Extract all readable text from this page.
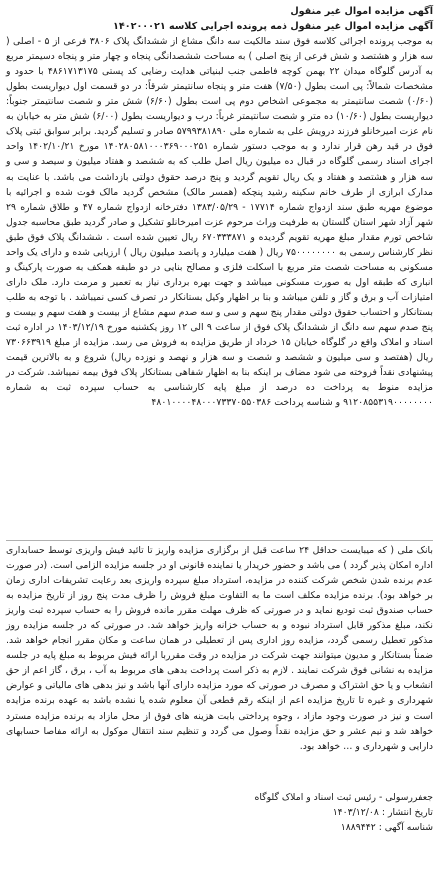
آگهی مزایده اموال غیر منقول

آگهی مزایده اموال غیر منقول ذمه پرونده اجرایی کلاسه ۱۴۰۲۰۰۰۲۱

به موجب پرونده اجرائی کلاسه فوق سند مالکیت سه دانگ مشاع از ششدانگ پلاک ۳۸۰۶ فرعی از ۵ - اصلی ( سه هزار و هشتصد و شش فرعی از پنج اصلی ) به مساحت ششصدانگی پنجاه و چهار متر و پنجاه دسیمتر مربع به آدرس گلوگاه میدان ۲۲ بهمن کوچه فاطمی جنب لبنیاتی هدایت رضایی کد پستی ۴۸۶۱۷۱۳۱۷۵ با حدود و مشخصات شمالاً: پی است بطول (۷/۵۰) هفت متر و پنجاه سانتیمتر شرقاً: در دو قسمت اول دیواریست بطول (۰/۶۰) شصت سانتیمتر به مجموعی اشخاص دوم پی است بطول (۶/۶۰) شش متر و شصت سانتیمتر جنوباً: دیواریست بطول (۱۰/۶۰) ده متر و شصت سانتیمتر غرباً: درب و دیواریست بطول (۶/۰۰) شش متر به خیابان به نام عزت امیرخانلو فرزند درویش علی به شماره ملی ۵۷۹۹۳۸۱۸۹۰ صادر و تسلیم گردید. برابر سوابق ثبتی پلاک فوق در قید رهن قرار ندارد و به موجب دستور شماره ۱۴۰۲۸۰۵۸۱۰۰۰۳۶۹۰۰۰۲۵۱ مورخ ۱۴۰۲/۱۰/۲۱ واحد اجرای اسناد رسمی گلوگاه در قبال ده میلیون ریال اصل طلب که به ششصد و هفتاد میلیون و سیصد و سی و سه هزار و هشتصد و هفتاد و یک ریال تقویم گردید و پنج درصد حقوق دولتی بازداشت می باشد. با عنایت به مدارک ابرازی از طرف خانم سکینه رشید پنچکه (همسر مالک) مشخص گردید مالک فوت شده و اجرائیه با موضوع مهریه طبق سند ازدواج شماره ۱۷۷۱۴ - ۱۳۸۳/۰۵/۲۹ دفترخانه ازدواج شماره ۴۷ و طلاق شماره ۲۹ شهر آزاد شهر استان گلستان به طرفیت وراث مرحوم عزت امیرخانلو تشکیل و صادر گردید طبق محاسبه جدول شاخص تورم مقدار مبلغ مهریه تقویم گردیده و ۶۷۰۳۳۳۸۷۱ ریال تعیین شده است . ششدانگ پلاک فوق طبق نظر کارشناس رسمی به ۷۵۰۰۰۰۰۰۰۰ ریال ( هفت میلیارد و پانصد میلیون ریال ) ارزیابی شده و دارای یک واحد مسکونی به مساحت شصت متر مربع با اسکلت فلزی و مصالح بنایی در دو طبقه همکف به صورت پارکینگ و انباری که طبقه اول به صورت مسکونی میباشد و جهت بهره برداری نیاز به تعمیر و مرمت دارد. ملک دارای امتیازات آب و برق و گاز و تلفن میباشد و بنا بر اظهار وکیل بستانکار در تصرف کسی نمیباشد . با توجه به طلب بستانکار و احتساب حقوق دولتی مقدار پنج سهم و سی و سه صدم سهم مشاع از بیست و هفت سهم و بیست و پنج صدم سهم سه دانگ از ششدانگ پلاک فوق از ساعت ۹ الی ۱۲ روز یکشنبه مورخ ۱۴۰۳/۱۲/۱۹ در اداره ثبت اسناد و املاک واقع در گلوگاه خیابان ۱۵ خرداد از طریق مزایده به فروش می رسد. مزایده از مبلغ ۷۳۰۶۶۳۹۱۹ ریال (هفتصد و سی میلیون و ششصد و شصت و سه هزار و نهصد و نوزده ریال) شروع و به بالاترین قیمت پیشنهادی نقداً فروخته می شود مضاف بر اینکه بنا به اظهار شفاهی بستانکار پلاک فوق بیمه نمیباشد. شرکت در مزایده منوط به پرداخت ده درصد از مبلغ پایه کارشناسی به حساب سپرده ثبت به شماره ۹۱۲۰۸۵۵۳۱۹۰۰۰۰۰۰۰۰ و شناسه پرداخت ۴۸۰۱۰۰۰۰۴۸۰۰۰۷۳۳۷۰۵۵۰۳۸۶

بانک ملی ( که میبایست حداقل ۲۴ ساعت قبل از برگزاری مزایده واریز تا تائید فیش واریزی توسط حسابداری اداره امکان پذیر گردد ) می باشد و حضور خریدار یا نماینده قانونی او در جلسه مزایده الزامی است. (در صورت عدم برنده شدن شخص شرکت کننده در مزایده، استرداد مبلغ سپرده واریزی بعد رعایت تشریفات اداری زمان بر خواهد بود). برنده مزایده مکلف است ما به التفاوت مبلغ فروش را ظرف مدت پنج روز از تاریخ مزایده به حساب صندوق ثبت تودیع نماید و در صورتی که ظرف مهلت مقرر مانده فروش را به حساب سپرده ثبت واریز نکند، مبلغ مذکور قابل استرداد نبوده و به حساب خزانه واریز خواهد شد. در صورتی که در جلسه مزایده روز مذکور تعطیل رسمی گردد، مزایده روز اداری پس از تعطیلی در همان ساعت و مکان مقرر انجام خواهد شد. ضمناً بستانکار و مدیون میتوانند جهت شرکت در مزایده در وقت مقرربا ارائه فیش مربوط به مبلغ پایه در جلسه مزایده به نشانی فوق شرکت نمایند . لازم به ذکر است پرداخت بدهی های مربوط به آب ، برق ، گاز اعم از حق انشعاب و یا حق اشتراک و مصرف در صورتی که مورد مزایده دارای آنها باشد و نیز بدهی های مالیاتی و عوارض شهرداری و غیره تا تاریخ مزایده اعم از اینکه رقم قطعی آن معلوم شده یا نشده باشد به عهده برنده مزایده است و نیز در صورت وجود مازاد ، وجوه پرداختی بابت هزینه های فوق از محل مازاد به برنده مزایده مسترد خواهد شد و نیم عشر و حق مزایده نقداً وصول می گردد و تنظیم سند انتقال موکول به ارائه مفاصا حسابهای دارایی و شهرداری و … خواهد بود.

جعفررسولی - رئیس ثبت اسناد و املاک گلوگاه

تاریخ انتشار : ۱۴۰۳/۱۲/۰۸

شناسه آگهی : ۱۸۸۹۴۴۲
